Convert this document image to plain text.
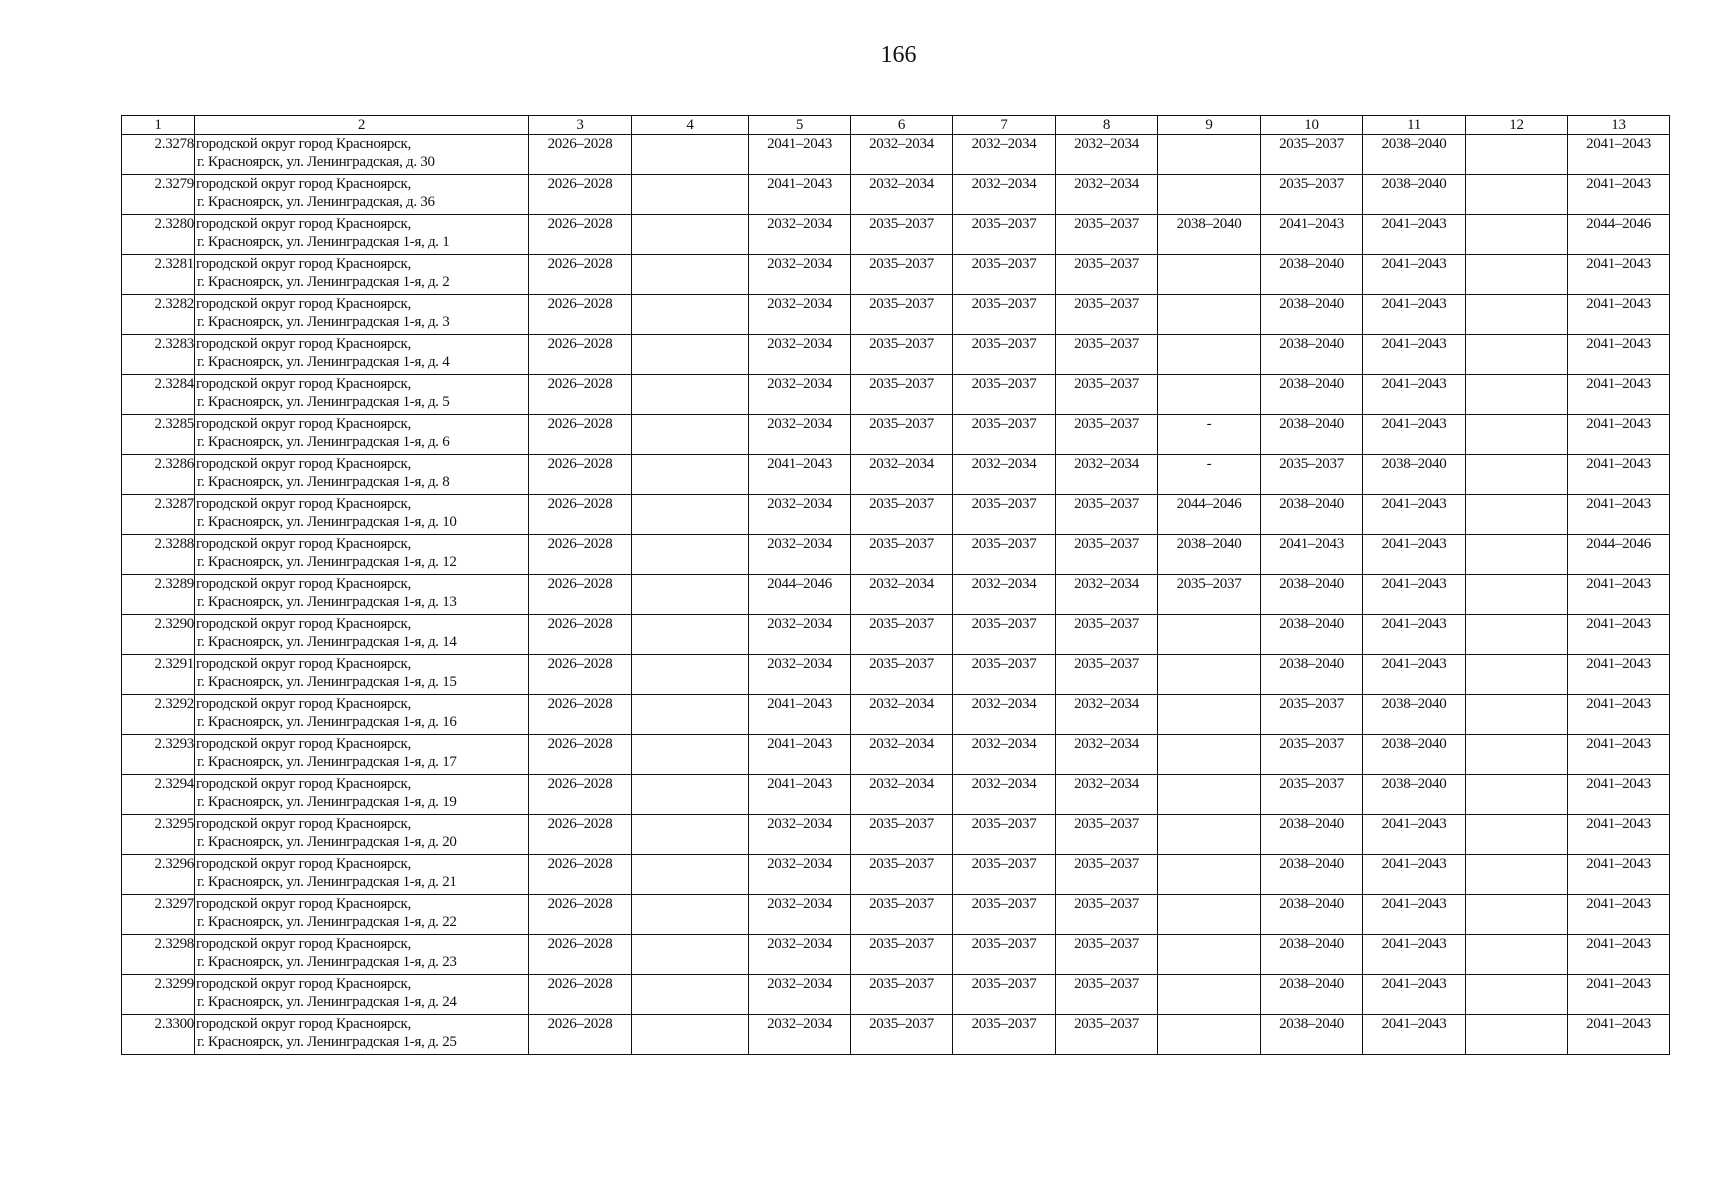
166
1	2	3	4	5	6	7	8	9	10	11	12	13
2.3278	городской округ город Красноярск,
г. Красноярск, ул. Ленинградская, д. 30	2026–2028		2041–2043	2032–2034	2032–2034	2032–2034		2035–2037	2038–2040		2041–2043
2.3279	городской округ город Красноярск,
г. Красноярск, ул. Ленинградская, д. 36	2026–2028		2041–2043	2032–2034	2032–2034	2032–2034		2035–2037	2038–2040		2041–2043
2.3280	городской округ город Красноярск,
г. Красноярск, ул. Ленинградская 1-я, д. 1	2026–2028		2032–2034	2035–2037	2035–2037	2035–2037	2038–2040	2041–2043	2041–2043		2044–2046
2.3281	городской округ город Красноярск,
г. Красноярск, ул. Ленинградская 1-я, д. 2	2026–2028		2032–2034	2035–2037	2035–2037	2035–2037		2038–2040	2041–2043		2041–2043
2.3282	городской округ город Красноярск,
г. Красноярск, ул. Ленинградская 1-я, д. 3	2026–2028		2032–2034	2035–2037	2035–2037	2035–2037		2038–2040	2041–2043		2041–2043
2.3283	городской округ город Красноярск,
г. Красноярск, ул. Ленинградская 1-я, д. 4	2026–2028		2032–2034	2035–2037	2035–2037	2035–2037		2038–2040	2041–2043		2041–2043
2.3284	городской округ город Красноярск,
г. Красноярск, ул. Ленинградская 1-я, д. 5	2026–2028		2032–2034	2035–2037	2035–2037	2035–2037		2038–2040	2041–2043		2041–2043
2.3285	городской округ город Красноярск,
г. Красноярск, ул. Ленинградская 1-я, д. 6	2026–2028		2032–2034	2035–2037	2035–2037	2035–2037	-	2038–2040	2041–2043		2041–2043
2.3286	городской округ город Красноярск,
г. Красноярск, ул. Ленинградская 1-я, д. 8	2026–2028		2041–2043	2032–2034	2032–2034	2032–2034	-	2035–2037	2038–2040		2041–2043
2.3287	городской округ город Красноярск,
г. Красноярск, ул. Ленинградская 1-я, д. 10	2026–2028		2032–2034	2035–2037	2035–2037	2035–2037	2044–2046	2038–2040	2041–2043		2041–2043
2.3288	городской округ город Красноярск,
г. Красноярск, ул. Ленинградская 1-я, д. 12	2026–2028		2032–2034	2035–2037	2035–2037	2035–2037	2038–2040	2041–2043	2041–2043		2044–2046
2.3289	городской округ город Красноярск,
г. Красноярск, ул. Ленинградская 1-я, д. 13	2026–2028		2044–2046	2032–2034	2032–2034	2032–2034	2035–2037	2038–2040	2041–2043		2041–2043
2.3290	городской округ город Красноярск,
г. Красноярск, ул. Ленинградская 1-я, д. 14	2026–2028		2032–2034	2035–2037	2035–2037	2035–2037		2038–2040	2041–2043		2041–2043
2.3291	городской округ город Красноярск,
г. Красноярск, ул. Ленинградская 1-я, д. 15	2026–2028		2032–2034	2035–2037	2035–2037	2035–2037		2038–2040	2041–2043		2041–2043
2.3292	городской округ город Красноярск,
г. Красноярск, ул. Ленинградская 1-я, д. 16	2026–2028		2041–2043	2032–2034	2032–2034	2032–2034		2035–2037	2038–2040		2041–2043
2.3293	городской округ город Красноярск,
г. Красноярск, ул. Ленинградская 1-я, д. 17	2026–2028		2041–2043	2032–2034	2032–2034	2032–2034		2035–2037	2038–2040		2041–2043
2.3294	городской округ город Красноярск,
г. Красноярск, ул. Ленинградская 1-я, д. 19	2026–2028		2041–2043	2032–2034	2032–2034	2032–2034		2035–2037	2038–2040		2041–2043
2.3295	городской округ город Красноярск,
г. Красноярск, ул. Ленинградская 1-я, д. 20	2026–2028		2032–2034	2035–2037	2035–2037	2035–2037		2038–2040	2041–2043		2041–2043
2.3296	городской округ город Красноярск,
г. Красноярск, ул. Ленинградская 1-я, д. 21	2026–2028		2032–2034	2035–2037	2035–2037	2035–2037		2038–2040	2041–2043		2041–2043
2.3297	городской округ город Красноярск,
г. Красноярск, ул. Ленинградская 1-я, д. 22	2026–2028		2032–2034	2035–2037	2035–2037	2035–2037		2038–2040	2041–2043		2041–2043
2.3298	городской округ город Красноярск,
г. Красноярск, ул. Ленинградская 1-я, д. 23	2026–2028		2032–2034	2035–2037	2035–2037	2035–2037		2038–2040	2041–2043		2041–2043
2.3299	городской округ город Красноярск,
г. Красноярск, ул. Ленинградская 1-я, д. 24	2026–2028		2032–2034	2035–2037	2035–2037	2035–2037		2038–2040	2041–2043		2041–2043
2.3300	городской округ город Красноярск,
г. Красноярск, ул. Ленинградская 1-я, д. 25	2026–2028		2032–2034	2035–2037	2035–2037	2035–2037		2038–2040	2041–2043		2041–2043
